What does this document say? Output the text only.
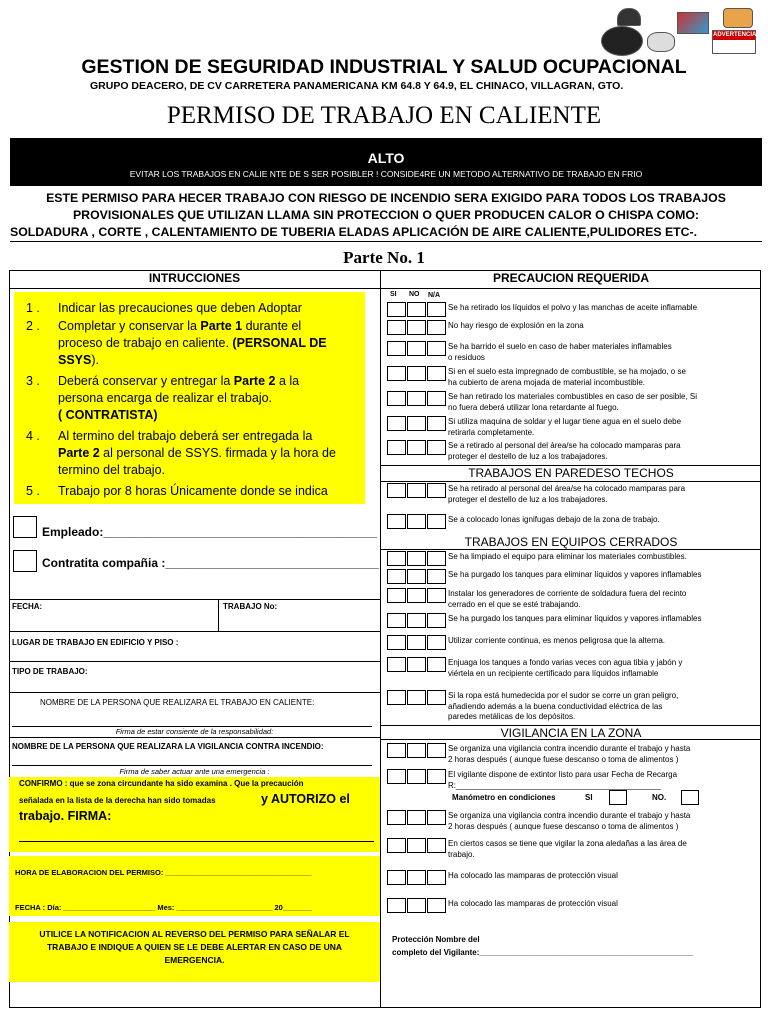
ADVERTENCIA
GESTION DE SEGURIDAD INDUSTRIAL Y SALUD OCUPACIONAL
GRUPO DEACERO, DE CV CARRETERA PANAMERICANA KM 64.8 Y 64.9, EL CHINACO, VILLAGRAN, GTO.
PERMISO DE TRABAJO EN CALIENTE
ALTO
EVITAR LOS TRABAJOS EN CALIE NTE DE S SER POSIBLER ! CONSIDE4RE UN METODO ALTERNATIVO DE TRABAJO EN FRIO
ESTE PERMISO PARA HECER TRABAJO CON RIESGO DE INCENDIO SERA EXIGIDO PARA TODOS LOS TRABAJOS
PROVISIONALES QUE UTILIZAN LLAMA SIN PROTECCION O QUER PRODUCEN CALOR O CHISPA COMO:
SOLDADURA , CORTE , CALENTAMIENTO DE TUBERIA ELADAS APLICACIÓN DE AIRE CALIENTE,PULIDORES ETC-.
Parte No. 1
INTRUCCIONES
1 . Indicar las precauciones que deben Adoptar
2 . Completar y conservar la Parte 1 durante el
proceso de trabajo en caliente. (PERSONAL DE
SSYS).
3 . Deberá conservar y entregar la Parte 2 a la
persona encarga de realizar el trabajo.
( CONTRATISTA)
4 . Al termino del trabajo deberá ser entregada la
Parte 2 al personal de SSYS. firmada y la hora de
termino del trabajo.
5 . Trabajo por 8 horas Únicamente donde se indica
Empleado:_________________________________________
Contratita compañia :________________________________
FECHA:	TRABAJO No:
LUGAR DE TRABAJO EN EDIFICIO Y PISO :
TIPO DE TRABAJO:
NOMBRE DE LA PERSONA QUE REALIZARA EL TRABAJO EN CALIENTE:
Firma de estar consiente de la responsabilidad:
NOMBRE DE LA PERSONA QUE REALIZARA LA VIGILANCIA CONTRA INCENDIO:
Firma de saber actuar ante una emergencia :
CONFIRMO : que se zona circundante ha sido examina . Que la precaución
señalada en la lista de la derecha han sido tomadas	y AUTORIZO el
trabajo. FIRMA:
HORA DE ELABORACION DEL PERMISO: ___________________________________
FECHA : Día: ______________________ Mes: _______________________ 20_______
UTILICE LA NOTIFICACION AL REVERSO DEL PERMISO PARA SEÑALAR EL TRABAJO E INDIQUE A QUIEN SE LE DEBE ALERTAR EN CASO DE UNA EMERGENCIA.
PRECAUCION REQUERIDA
SI NO N/A
Se ha retirado los líquidos el polvo y las manchas de aceite inflamable
No hay riesgo de explosión en la zona
Se ha barrido el suelo en caso de haber materiales inflamables
o residuos
Si en el suelo esta impregnado de combustible, se ha mojado, o se
ha cubierto de arena mojada de material incombustible.
Se han retirado los materiales combustibles en caso de ser posible, Si
no fuera deberá utilizar lona retardante al fuego.
Si utiliza maquina de soldar y el lugar tiene agua en el suelo debe
retirarla completamente.
Se a retirado al personal del área/se ha colocado mamparas para
proteger el destello de luz a los trabajadores.
Se ha retirado al personal del área/se ha colocado mamparas para
proteger el destello de luz a los trabajadores.
Se a colocado lonas ignifugas debajo de la zona de trabajo.
Se ha limpiado el equipo para eliminar los materiales combustibles.
Se ha purgado los tanques para eliminar líquidos y vapores inflamables
Instalar los generadores de corriente de soldadura fuera del recinto
cerrado en el que se esté trabajando.
Se ha purgado los tanques para eliminar líquidos y vapores inflamables
Utilizar corriente continua, es menos peligrosa que la alterna.
Enjuaga los tanques a fondo varias veces con agua tibia y jabón y
viértela en un recipiente certificado para líquidos inflamable
Si la ropa está humedecida por el sudor se corre un gran peligro,
añadiendo además a la buena conductividad eléctrica de las
paredes metálicas de los depósitos.
Se organiza una vigilancia contra incendio durante el trabajo y hasta
2 horas después ( aunque fuese descanso o toma de alimentos )
El vigilante dispone de extintor listo para usar Fecha de Recarga
R:______________________________________________
Se organiza una vigilancia contra incendio durante el trabajo y hasta
2 horas después ( aunque fuese descanso o toma de alimentos )
En ciertos casos se tiene que vigilar la zona aledañas a las área de
trabajo.
Ha colocado las mamparas de protección visual
Ha colocado las mamparas de protección visual
TRABAJOS EN PAREDESO TECHOS
TRABAJOS EN EQUIPOS CERRADOS
VIGILANCIA EN LA ZONA
Manómetro en condiciones	SI	NO.
Protección Nombre del
completo del Vigilante:________________________________________________
